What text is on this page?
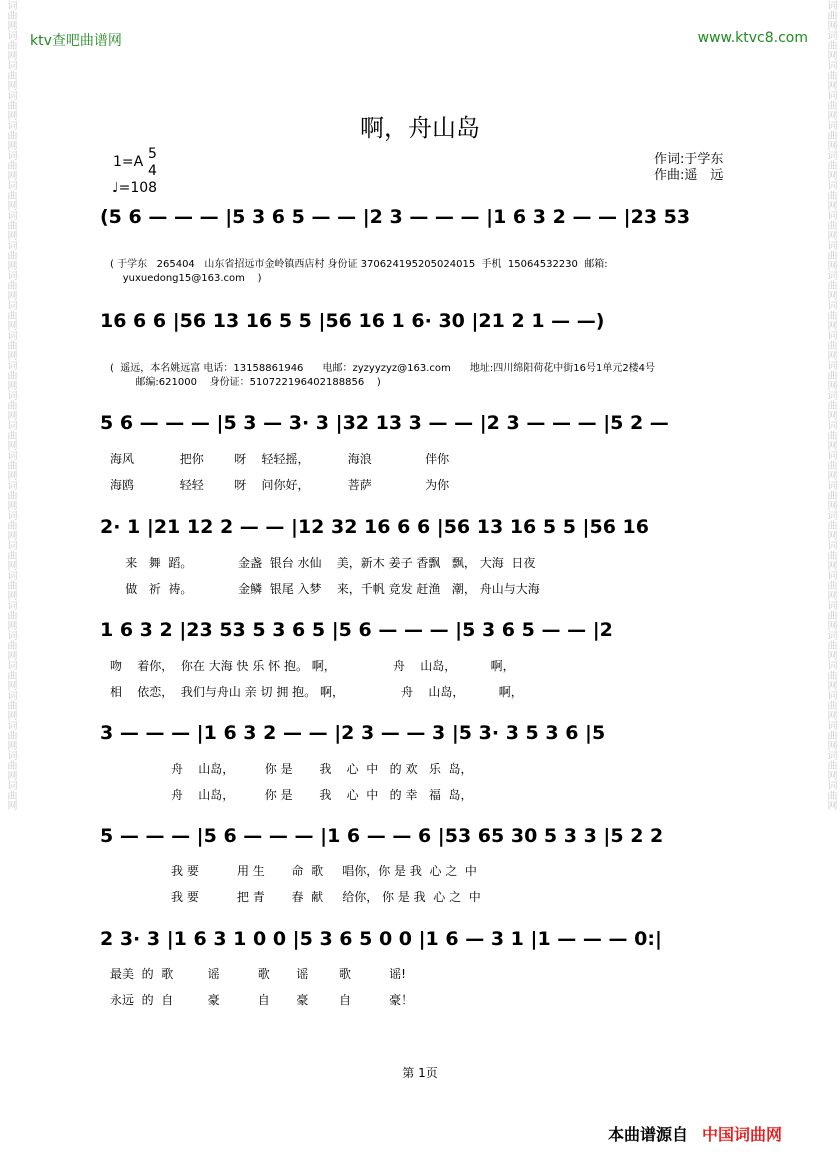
词曲网词曲网词曲网词曲网词曲网词曲网词曲网词曲网词曲网词曲网词曲网词曲网词曲网词曲网词曲网词曲网词曲网词曲网词曲网词曲网词曲网词曲网词曲网词曲网词曲网词曲网词曲网	词曲网词曲网词曲网词曲网词曲网词曲网词曲网词曲网词曲网词曲网词曲网词曲网词曲网词曲网词曲网词曲网词曲网词曲网词曲网词曲网词曲网词曲网词曲网词曲网词曲网词曲网词曲网
ktv查吧曲谱网	www.ktvc8.com
啊，舟山岛
1=A 5
4
♩=108
作词:于学东
作曲:遥　远
(5 6 — — — |5 3 6 5 — — |2 3 — — — |1 6 3 2 — — |23 53
( 于学东   265404   山东省招远市金岭镇西店村 身份证 370624195205024015  手机  15064532230  邮箱:
yuxuedong15@163.com    )
16 6 6 |56 13 16 5 5 |56 16 1 6· 30 |21 2 1 — —)
(  遥远，本名姚远富 电话：13158861946      电邮：zyzyyzyz@163.com      地址:四川绵阳荷花中街16号1单元2楼4号
邮编:621000    身份证：510722196402188856    )
5 6 — — — |5 3 — 3· 3 |32 13 3 — — |2 3 — — — |5 2 —
海风            把你        呀    轻轻摇，          海浪              伴你
海鸥            轻轻        呀    问你好，          菩萨              为你
2· 1 |21 12 2 — — |12 32 16 6 6 |56 13 16 5 5 |56 16
来   舞  蹈。            金盏  银台 水仙    美，新木 姜子 香飘   飘， 大海  日夜
做   祈  祷。            金鳞  银尾 入梦    来，千帆 竞发 赶渔   潮， 舟山与大海
1 6 3 2 |23 53 5 3 6 5 |5 6 — — — |5 3 6 5 — — |2
吻    着你，  你在 大海 快 乐 怀 抱。 啊，               舟    山岛，         啊，
相    依恋，  我们与舟山 亲 切 拥 抱。 啊，               舟    山岛，         啊，
3 — — — |1 6 3 2 — — |2 3 — — 3 |5 3· 3 5 3 6 |5
舟    山岛，        你 是       我    心  中   的 欢   乐  岛，
舟    山岛，        你 是       我    心  中   的 幸   福  岛，
5 — — — |5 6 — — — |1 6 — — 6 |53 65 30 5 3 3 |5 2 2
我 要          用 生       命  歌     唱你，你 是 我  心 之  中
我 要          把 青       春  献     给你， 你 是 我  心 之  中
2 3· 3 |1 6 3 1 0 0 |5 3 6 5 0 0 |1 6 — 3 1 |1 — — — 0:|
最美  的  歌         谣          歌       谣        歌          谣!
永远  的  自         豪          自       豪        自          豪！
第 1页
本曲谱源自 中国词曲网
